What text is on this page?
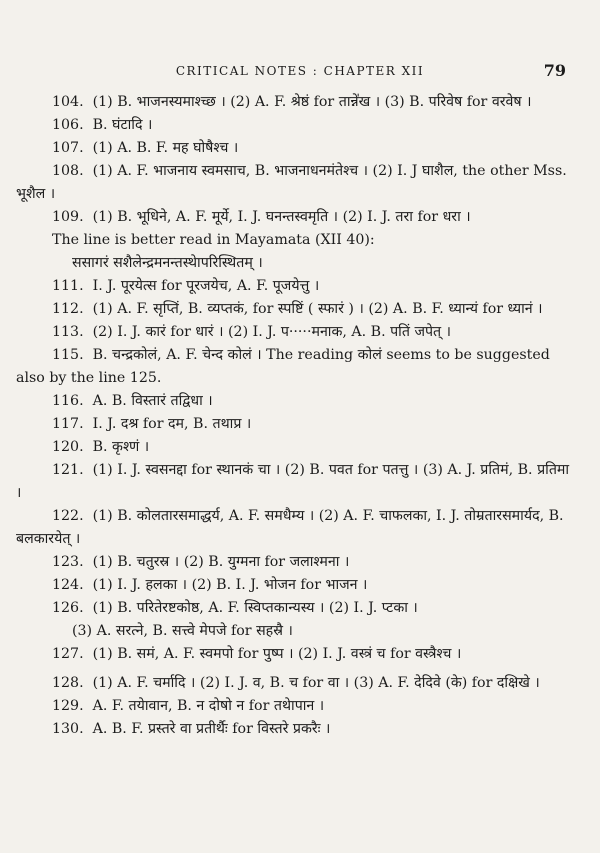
CRITICAL NOTES : CHAPTER XII	79

104.  (1) B. भाजनस्यमाश्च्छ । (2) A. F. श्रेष्ठं for तान्ने॑ख । (3) B. परिवेष for वरवेष ।

106.  B. घंटादि ।

107.  (1) A. B. F. मह घोषैश्च ।

108.  (1) A. F. भाजनाय स्वमसाच, B. भाजनाधनमंतेश्च । (2) I. J घाशैल, the other Mss. भूशैल ।

109.  (1) B. भूधिने, A. F. मूर्ये, I. J. घनन्तस्वमृति । (2) I. J. तरा for धरा ।

The line is better read in Mayamata (XII 40):

ससागरं सशैलेन्द्रमनन्तस्थेापरिस्थितम् ।

111.  I. J. पूरयेत्स for पूरजयेच, A. F. पूजयेत्तु ।

112.  (1) A. F. सृप्तिं, B. व्यप्तकं, for स्पष्टिं ( स्फारं ) । (2) A. B. F. ध्यान्यं for ध्यानं ।

113.  (2) I. J. कारं for धारं । (2) I. J. प·····मनाक, A. B. पतिं जपेत् ।

115.  B. चन्द्रकोलं, A. F. चेन्द कोलं । The reading कोलं seems to be suggested also by the line 125.

116.  A. B. विस्तारं तद्विधा ।

117.  I. J. दश्र for दम, B. तथाप्र ।

120.  B. कृश्णं ।

121.  (1) I. J. स्वसनद्दा for स्थानकं चा । (2) B. पवत for पतत्तु । (3) A. J. प्रतिमं, B. प्रतिमा ।

122.  (1) B. कोलतारसमाद्धर्य, A. F. समधैम्य । (2) A. F. चाफलका, I. J. तोम्रतारसमार्यद, B. बलकारयेत् ।

123.  (1) B. चतुरस्र । (2) B. युग्मना for जलाश्मना ।

124.  (1) I. J. हलका । (2) B. I. J. भोजन for भाजन ।

126.  (1) B. परितेरष्टकोष्ठ, A. F. स्विप्तकान्यस्य । (2) I. J. प्टका ।

(3) A. सरत्ने, B. सत्त्वे मेपजे for सहस्रै ।

127.  (1) B. समं, A. F. स्वमपो for पुष्प । (2) I. J. वस्त्रं च for वस्त्रैश्च ।

128.  (1) A. F. चर्मादि । (2) I. J. व, B. च for वा । (3) A. F. देदिवे (के) for दक्षिखे ।

129.  A. F. तयेावान, B. न दोषो न for तथेापान ।

130.  A. B. F. प्रस्तरे वा प्रतीर्थैः for विस्तरे प्रकरैः ।
